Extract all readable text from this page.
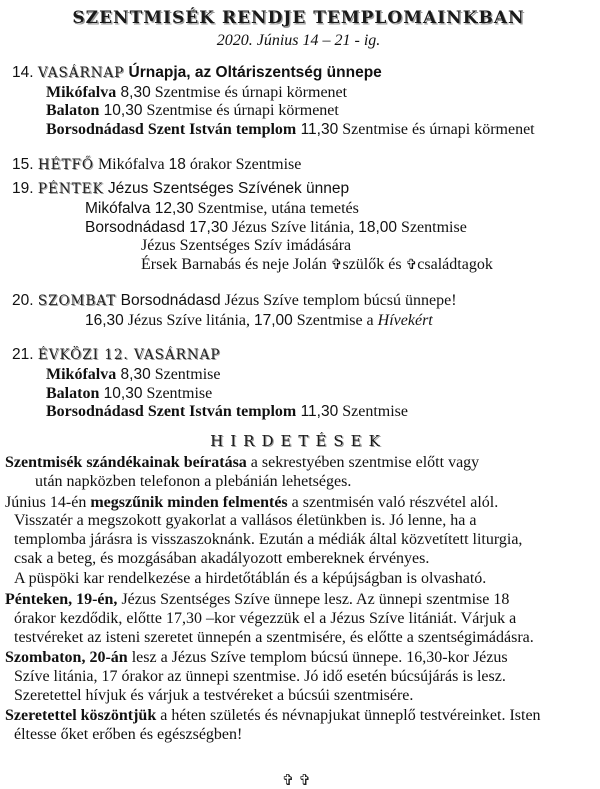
SZENTMISÉK RENDJE TEMPLOMAINKBAN
2020. Június 14 – 21 - ig.
14. VASÁRNAP Úrnapja, az Oltáriszentség ünnepe
Mikófalva 8,30 Szentmise és úrnapi körmenet
Balaton 10,30 Szentmise és úrnapi körmenet
Borsodnádasd Szent István templom 11,30 Szentmise és úrnapi körmenet
15. HÉTFŐ Mikófalva 18 órakor Szentmise
19. PÉNTEK Jézus Szentséges Szívének ünnep
Mikófalva 12,30 Szentmise, utána temetés
Borsodnádasd 17,30 Jézus Szíve litánia, 18,00 Szentmise
Jézus Szentséges Szív imádására
Érsek Barnabás és neje Jolán ✞szülők és ✞családtagok
20. SZOMBAT Borsodnádasd Jézus Szíve templom búcsú ünnepe!
16,30 Jézus Szíve litánia, 17,00 Szentmise a Hívekért
21. ÉVKÖZI 12. VASÁRNAP
Mikófalva 8,30 Szentmise
Balaton 10,30 Szentmise
Borsodnádasd Szent István templom 11,30 Szentmise
HIRDETÉSEK
Szentmisék szándékainak beíratása a sekrestyében szentmise előtt vagy
után napközben telefonon a plebánián lehetséges.
Június 14-én megszűnik minden felmentés a szentmisén való részvétel alól.
Visszatér a megszokott gyakorlat a vallásos életünkben is. Jó lenne, ha a
templomba járásra is visszaszoknánk. Ezután a médiák által közvetített liturgia,
csak a beteg, és mozgásában akadályozott embereknek érvényes.
A püspöki kar rendelkezése a hirdetőtáblán és a képújságban is olvasható.
Pénteken, 19-én, Jézus Szentséges Szíve ünnepe lesz. Az ünnepi szentmise 18
órakor kezdődik, előtte 17,30 –kor végezzük el a Jézus Szíve litániát. Várjuk a
testvéreket az isteni szeretet ünnepén a szentmisére, és előtte a szentségimádásra.
Szombaton, 20-án lesz a Jézus Szíve templom búcsú ünnepe. 16,30-kor Jézus
Szíve litánia, 17 órakor az ünnepi szentmise. Jó idő esetén búcsújárás is lesz.
Szeretettel hívjuk és várjuk a testvéreket a búcsúi szentmisére.
Szeretettel köszöntjük a héten születés és névnapjukat ünneplő testvéreinket. Isten
éltesse őket erőben és egészségben!
✞✞
